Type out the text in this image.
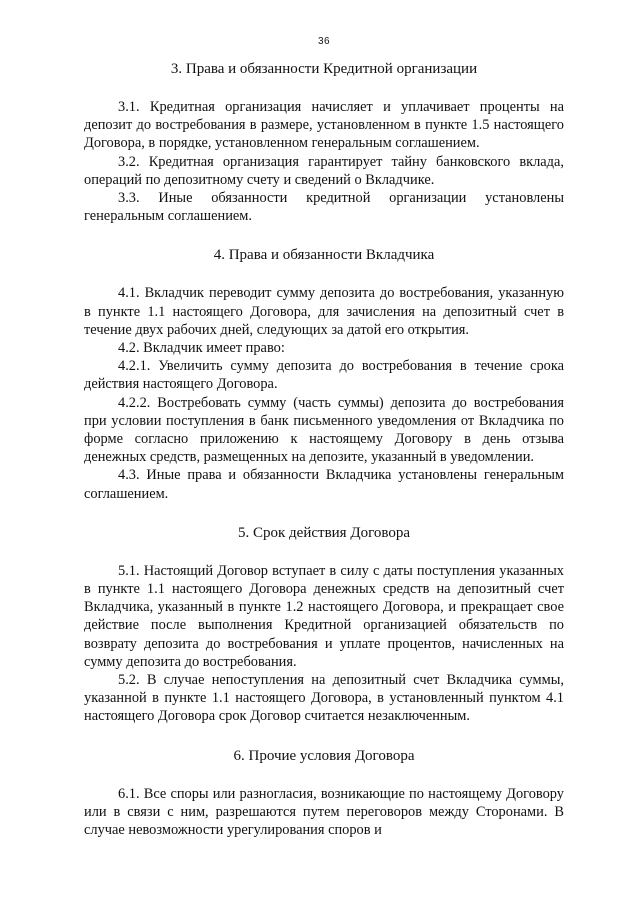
36
3. Права и обязанности Кредитной организации

3.1. Кредитная организация начисляет и уплачивает проценты на депозит до востребования в размере, установленном в пункте 1.5 настоящего Договора, в порядке, установленном генеральным соглашением.

3.2. Кредитная организация гарантирует тайну банковского вклада, операций по депозитному счету и сведений о Вкладчике.

3.3. Иные обязанности кредитной организации установлены генеральным соглашением.

4. Права и обязанности Вкладчика

4.1. Вкладчик переводит сумму депозита до востребования, указанную в пункте 1.1 настоящего Договора, для зачисления на депозитный счет в течение двух рабочих дней, следующих за датой его открытия.

4.2. Вкладчик имеет право:

4.2.1. Увеличить сумму депозита до востребования в течение срока действия настоящего Договора.

4.2.2. Востребовать сумму (часть суммы) депозита до востребования при условии поступления в банк письменного уведомления от Вкладчика по форме согласно приложению к настоящему Договору в день отзыва денежных средств, размещенных на депозите, указанный в уведомлении.

4.3. Иные права и обязанности Вкладчика установлены генеральным соглашением.

5. Срок действия Договора

5.1. Настоящий Договор вступает в силу с даты поступления указанных в пункте 1.1 настоящего Договора денежных средств на депозитный счет Вкладчика, указанный в пункте 1.2 настоящего Договора, и прекращает свое действие после выполнения Кредитной организацией обязательств по возврату депозита до востребования и уплате процентов, начисленных на сумму депозита до востребования.

5.2. В случае непоступления на депозитный счет Вкладчика суммы, указанной в пункте 1.1 настоящего Договора, в установленный пунктом 4.1 настоящего Договора срок Договор считается незаключенным.

6. Прочие условия Договора

6.1. Все споры или разногласия, возникающие по настоящему Договору или в связи с ним, разрешаются путем переговоров между Сторонами. В случае невозможности урегулирования споров и
